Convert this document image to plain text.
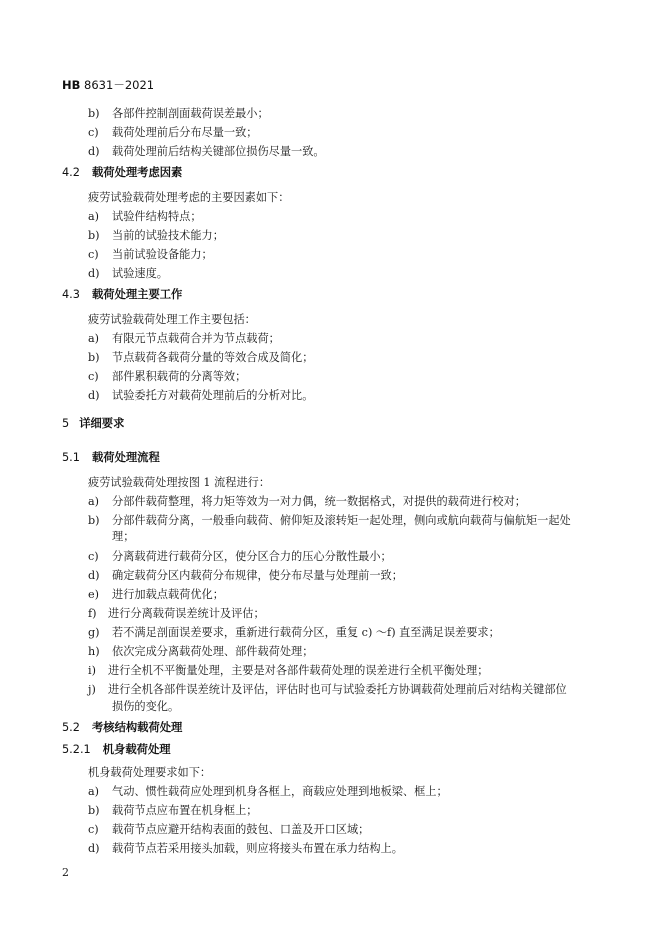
HB 8631－2021
b) 各部件控制剖面载荷误差最小；
c) 载荷处理前后分布尽量一致；
d) 载荷处理前后结构关键部位损伤尽量一致。
4.2 载荷处理考虑因素
疲劳试验载荷处理考虑的主要因素如下：
a) 试验件结构特点；
b) 当前的试验技术能力；
c) 当前试验设备能力；
d) 试验速度。
4.3 载荷处理主要工作
疲劳试验载荷处理工作主要包括：
a) 有限元节点载荷合并为节点载荷；
b) 节点载荷各载荷分量的等效合成及简化；
c) 部件累积载荷的分离等效；
d) 试验委托方对载荷处理前后的分析对比。
5 详细要求
5.1 载荷处理流程
疲劳试验载荷处理按图 1 流程进行：
a) 分部件载荷整理，将力矩等效为一对力偶，统一数据格式，对提供的载荷进行校对；
b) 分部件载荷分离，一般垂向载荷、俯仰矩及滚转矩一起处理，侧向或航向载荷与偏航矩一起处
理；
c) 分离载荷进行载荷分区，使分区合力的压心分散性最小；
d) 确定载荷分区内载荷分布规律，使分布尽量与处理前一致；
e) 进行加载点载荷优化；
f) 进行分离载荷误差统计及评估；
g) 若不满足剖面误差要求，重新进行载荷分区，重复 c) ～f) 直至满足误差要求；
h) 依次完成分离载荷处理、部件载荷处理；
i) 进行全机不平衡量处理，主要是对各部件载荷处理的误差进行全机平衡处理；
j) 进行全机各部件误差统计及评估，评估时也可与试验委托方协调载荷处理前后对结构关键部位
损伤的变化。
5.2 考核结构载荷处理
5.2.1 机身载荷处理
机身载荷处理要求如下：
a) 气动、惯性载荷应处理到机身各框上，商载应处理到地板梁、框上；
b) 载荷节点应布置在机身框上；
c) 载荷节点应避开结构表面的鼓包、口盖及开口区域；
d) 载荷节点若采用接头加载，则应将接头布置在承力结构上。
2
